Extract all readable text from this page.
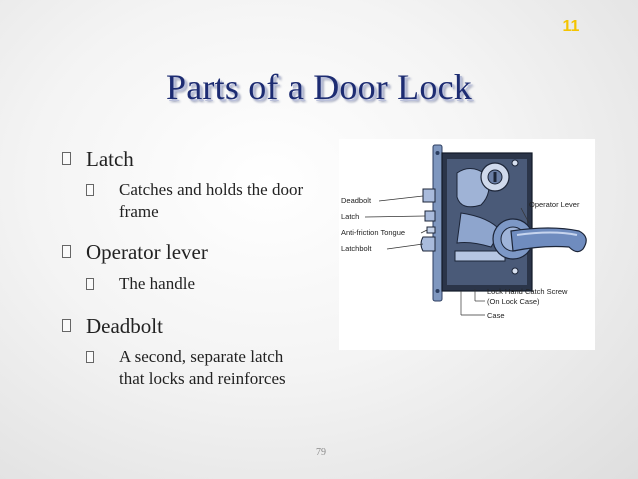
11
Parts of a Door Lock
Latch
Catches and holds the door frame
Operator lever
The handle
Deadbolt
A second, separate latch that locks and reinforces
Deadbolt
Latch
Anti-friction Tongue
Latchbolt
Operator Lever
Lock Hand Catch Screw
(On Lock Case)
Case
79
